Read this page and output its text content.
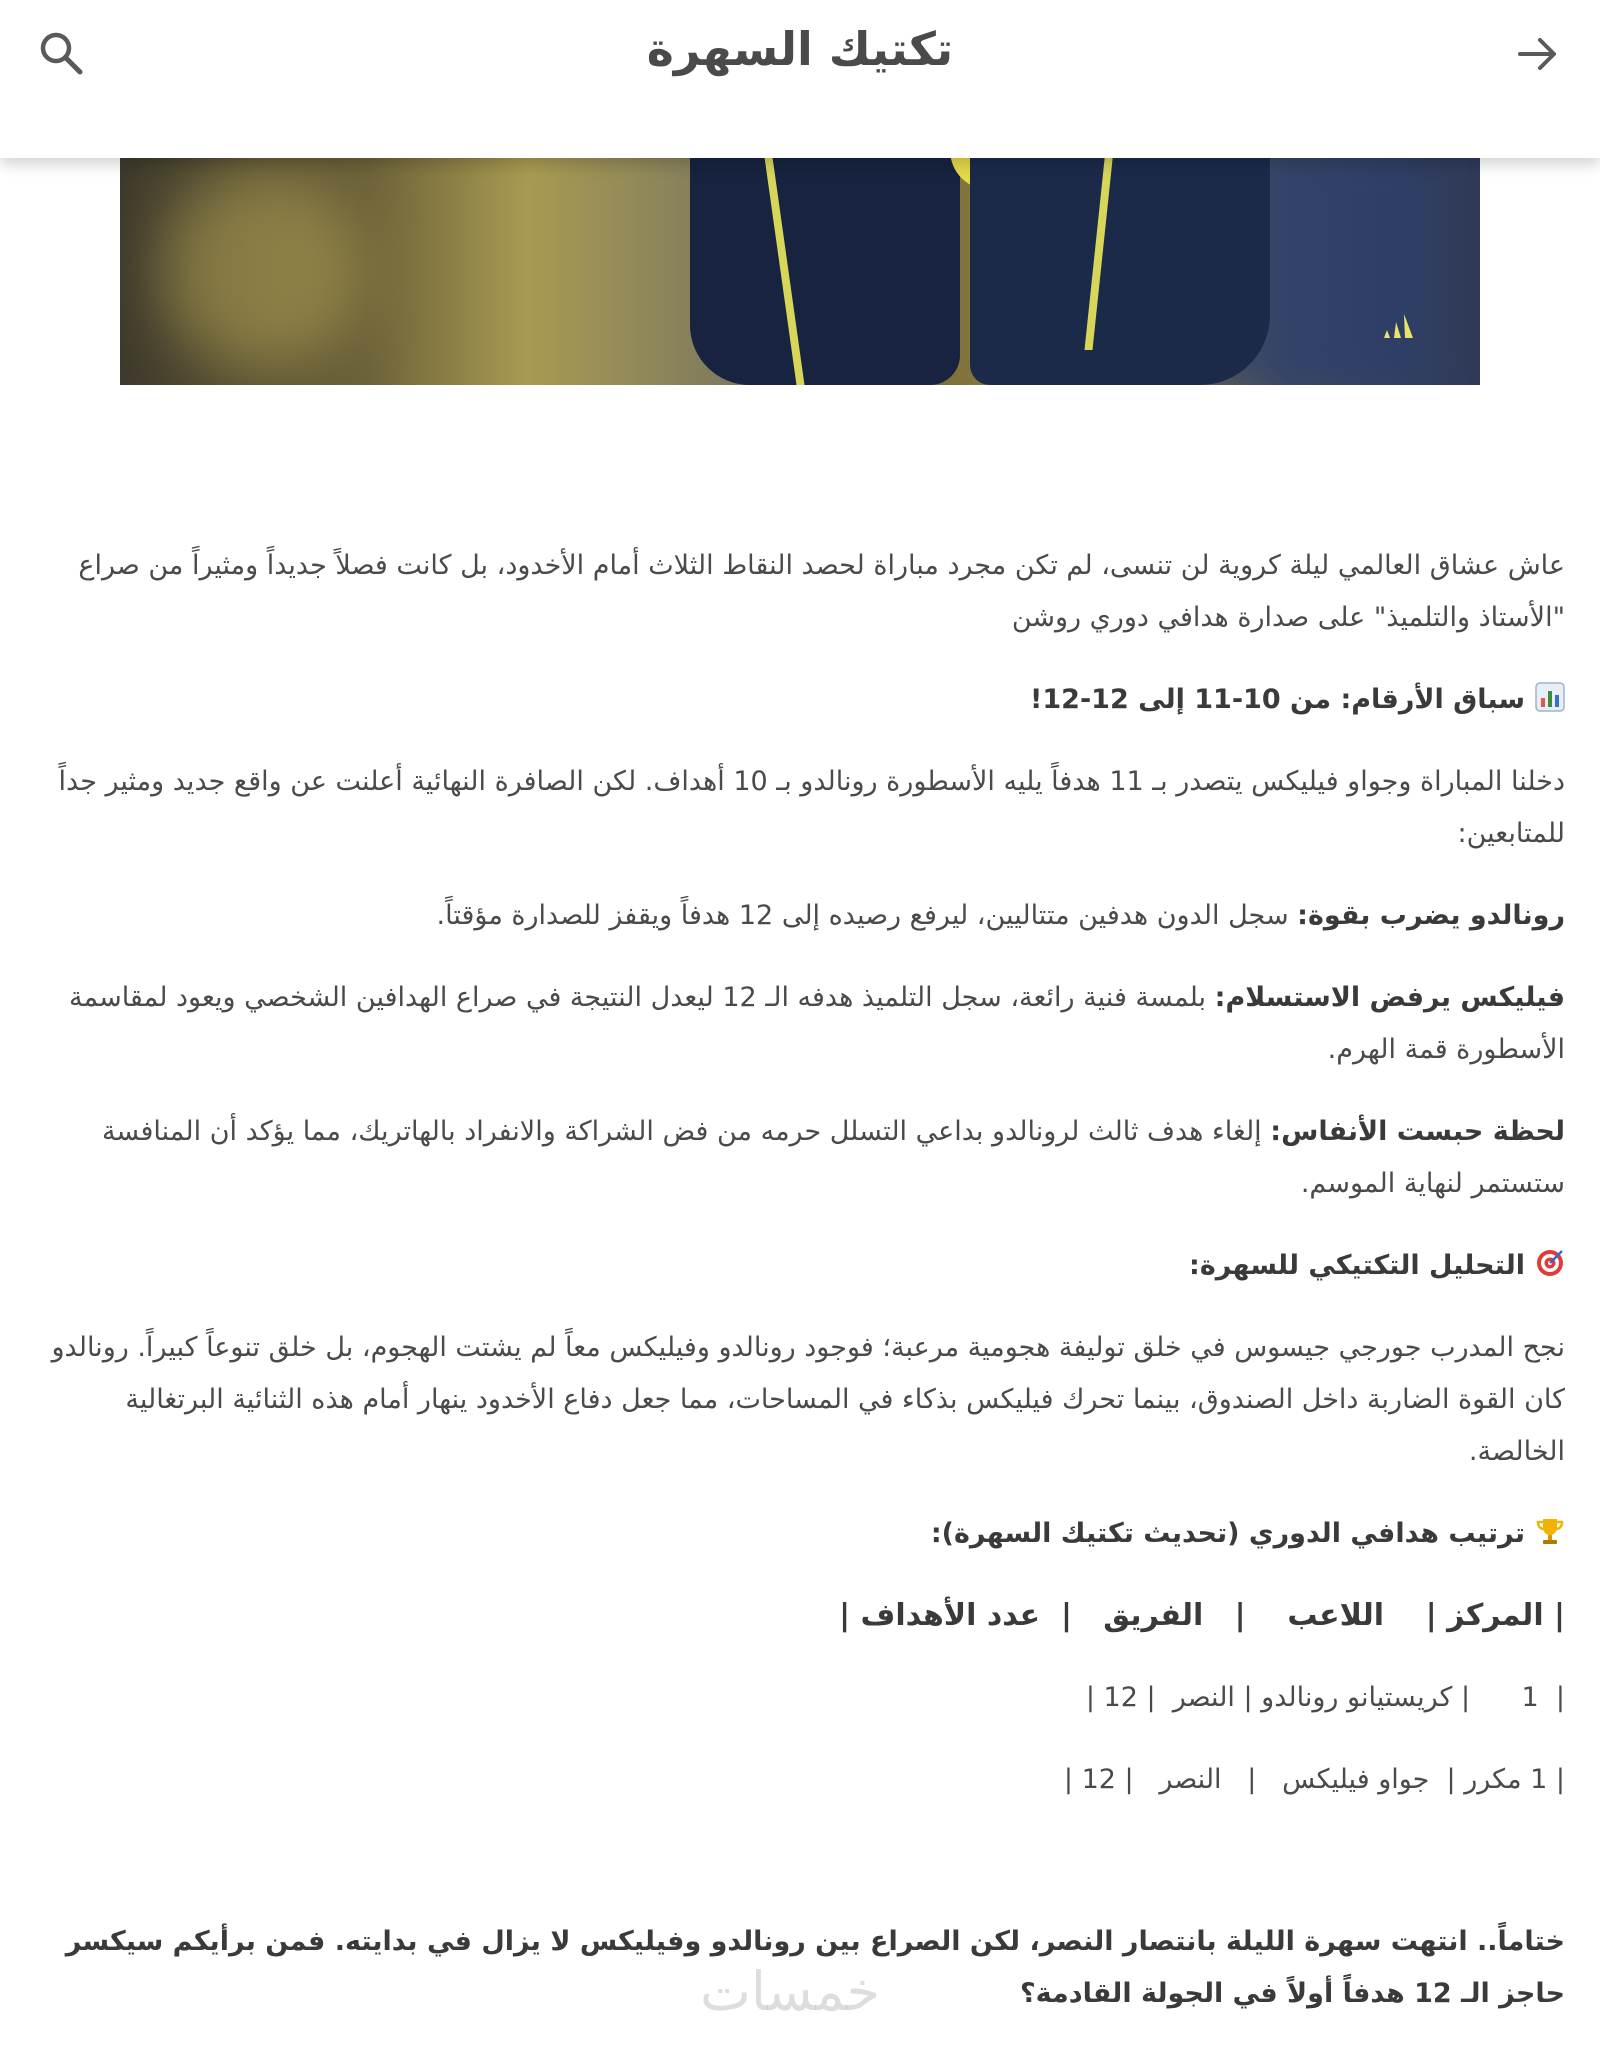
تكتيك السهرة

عاش عشاق العالمي ليلة كروية لن تنسى، لم تكن مجرد مباراة لحصد النقاط الثلاث أمام الأخدود، بل كانت فصلاً جديداً ومثيراً من صراع "الأستاذ والتلميذ" على صدارة هدافي دوري روشن

سباق الأرقام: من 10-11 إلى 12-12!

دخلنا المباراة وجواو فيليكس يتصدر بـ 11 هدفاً يليه الأسطورة رونالدو بـ 10 أهداف. لكن الصافرة النهائية أعلنت عن واقع جديد ومثير جداً للمتابعين:

رونالدو يضرب بقوة: سجل الدون هدفين متتاليين، ليرفع رصيده إلى 12 هدفاً ويقفز للصدارة مؤقتاً.

فيليكس يرفض الاستسلام: بلمسة فنية رائعة، سجل التلميذ هدفه الـ 12 ليعدل النتيجة في صراع الهدافين الشخصي ويعود لمقاسمة الأسطورة قمة الهرم.

لحظة حبست الأنفاس: إلغاء هدف ثالث لرونالدو بداعي التسلل حرمه من فض الشراكة والانفراد بالهاتريك، مما يؤكد أن المنافسة ستستمر لنهاية الموسم.

التحليل التكتيكي للسهرة:

نجح المدرب جورجي جيسوس في خلق توليفة هجومية مرعبة؛ فوجود رونالدو وفيليكس معاً لم يشتت الهجوم، بل خلق تنوعاً كبيراً. رونالدو كان القوة الضاربة داخل الصندوق، بينما تحرك فيليكس بذكاء في المساحات، مما جعل دفاع الأخدود ينهار أمام هذه الثنائية البرتغالية الخالصة.

ترتيب هدافي الدوري (تحديث تكتيك السهرة):

| المركز |    اللاعب    |   الفريق   |  عدد الأهداف |

|  1      | كريستيانو رونالدو | النصر  | 12 |

| 1 مكرر |  جواو فيليكس   |   النصر   | 12 |

ختاماً.. انتهت سهرة الليلة بانتصار النصر، لكن الصراع بين رونالدو وفيليكس لا يزال في بدايته. فمن برأيكم سيكسر حاجز الـ 12 هدفاً أولاً في الجولة القادمة؟

خمسات
